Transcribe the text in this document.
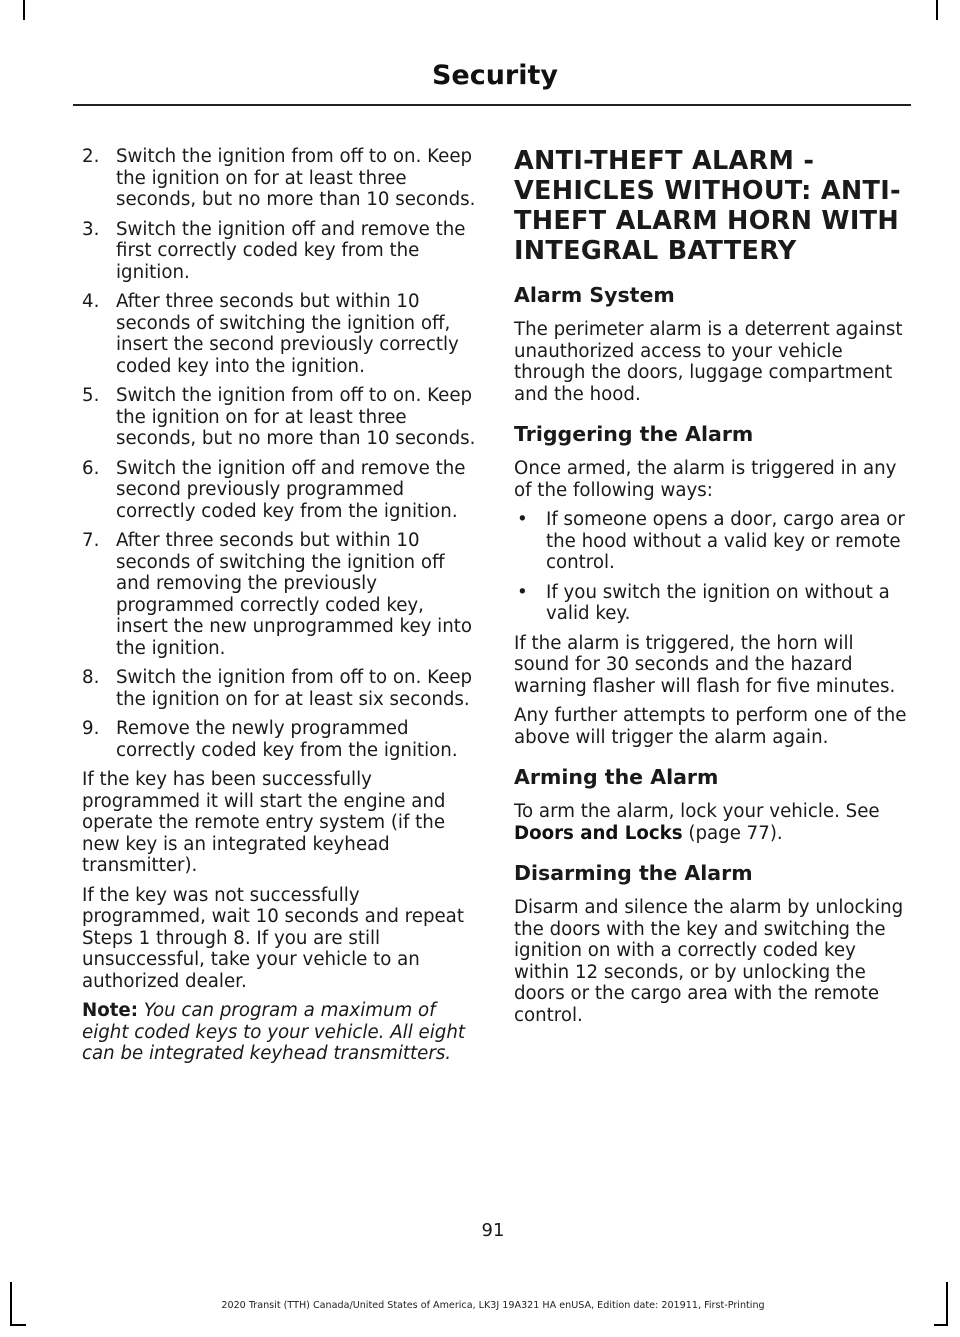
Security
2. Switch the ignition from off to on. Keep the ignition on for at least three seconds, but no more than 10 seconds.
3. Switch the ignition off and remove the first correctly coded key from the ignition.
4. After three seconds but within 10 seconds of switching the ignition off, insert the second previously correctly coded key into the ignition.
5. Switch the ignition from off to on. Keep the ignition on for at least three seconds, but no more than 10 seconds.
6. Switch the ignition off and remove the second previously programmed correctly coded key from the ignition.
7. After three seconds but within 10 seconds of switching the ignition off and removing the previously programmed correctly coded key, insert the new unprogrammed key into the ignition.
8. Switch the ignition from off to on. Keep the ignition on for at least six seconds.
9. Remove the newly programmed correctly coded key from the ignition.

If the key has been successfully programmed it will start the engine and operate the remote entry system (if the new key is an integrated keyhead transmitter).

If the key was not successfully programmed, wait 10 seconds and repeat Steps 1 through 8. If you are still unsuccessful, take your vehicle to an authorized dealer.

Note: You can program a maximum of eight coded keys to your vehicle. All eight can be integrated keyhead transmitters.

ANTI-THEFT ALARM - VEHICLES WITHOUT: ANTI-THEFT ALARM HORN WITH INTEGRAL BATTERY
Alarm System

The perimeter alarm is a deterrent against unauthorized access to your vehicle through the doors, luggage compartment and the hood.

Triggering the Alarm

Once armed, the alarm is triggered in any of the following ways:

•	If someone opens a door, cargo area or the hood without a valid key or remote control.
•	If you switch the ignition on without a valid key.

If the alarm is triggered, the horn will sound for 30 seconds and the hazard warning flasher will flash for five minutes.

Any further attempts to perform one of the above will trigger the alarm again.

Arming the Alarm

To arm the alarm, lock your vehicle. See Doors and Locks (page 77).

Disarming the Alarm

Disarm and silence the alarm by unlocking the doors with the key and switching the ignition on with a correctly coded key within 12 seconds, or by unlocking the doors or the cargo area with the remote control.

91
2020 Transit (TTH) Canada/United States of America, LK3J 19A321 HA enUSA, Edition date: 201911, First-Printing
